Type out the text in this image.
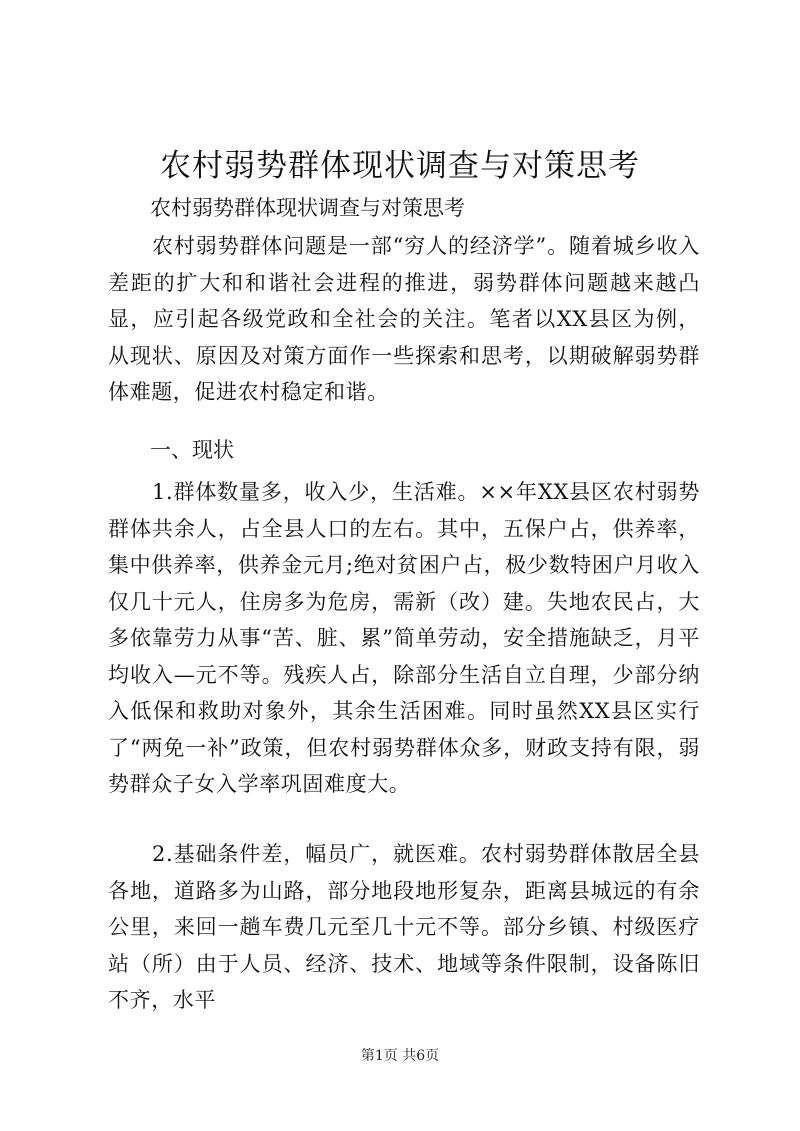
农村弱势群体现状调查与对策思考

农村弱势群体现状调查与对策思考

农村弱势群体问题是一部“穷人的经济学”。随着城乡收入差距的扩大和和谐社会进程的推进，弱势群体问题越来越凸显，应引起各级党政和全社会的关注。笔者以XX县区为例，从现状、原因及对策方面作一些探索和思考，以期破解弱势群体难题，促进农村稳定和谐。

一、现状

1.群体数量多，收入少，生活难。××年XX县区农村弱势群体共余人，占全县人口的左右。其中，五保户占，供养率，集中供养率，供养金元月;绝对贫困户占，极少数特困户月收入仅几十元人，住房多为危房，需新（改）建。失地农民占，大多依靠劳力从事“苦、脏、累”简单劳动，安全措施缺乏，月平均收入—元不等。残疾人占，除部分生活自立自理，少部分纳入低保和救助对象外，其余生活困难。同时虽然XX县区实行了“两免一补”政策，但农村弱势群体众多，财政支持有限，弱势群众子女入学率巩固难度大。

2.基础条件差，幅员广，就医难。农村弱势群体散居全县各地，道路多为山路，部分地段地形复杂，距离县城远的有余公里，来回一趟车费几元至几十元不等。部分乡镇、村级医疗站（所）由于人员、经济、技术、地域等条件限制，设备陈旧不齐，水平

第1页 共6页
